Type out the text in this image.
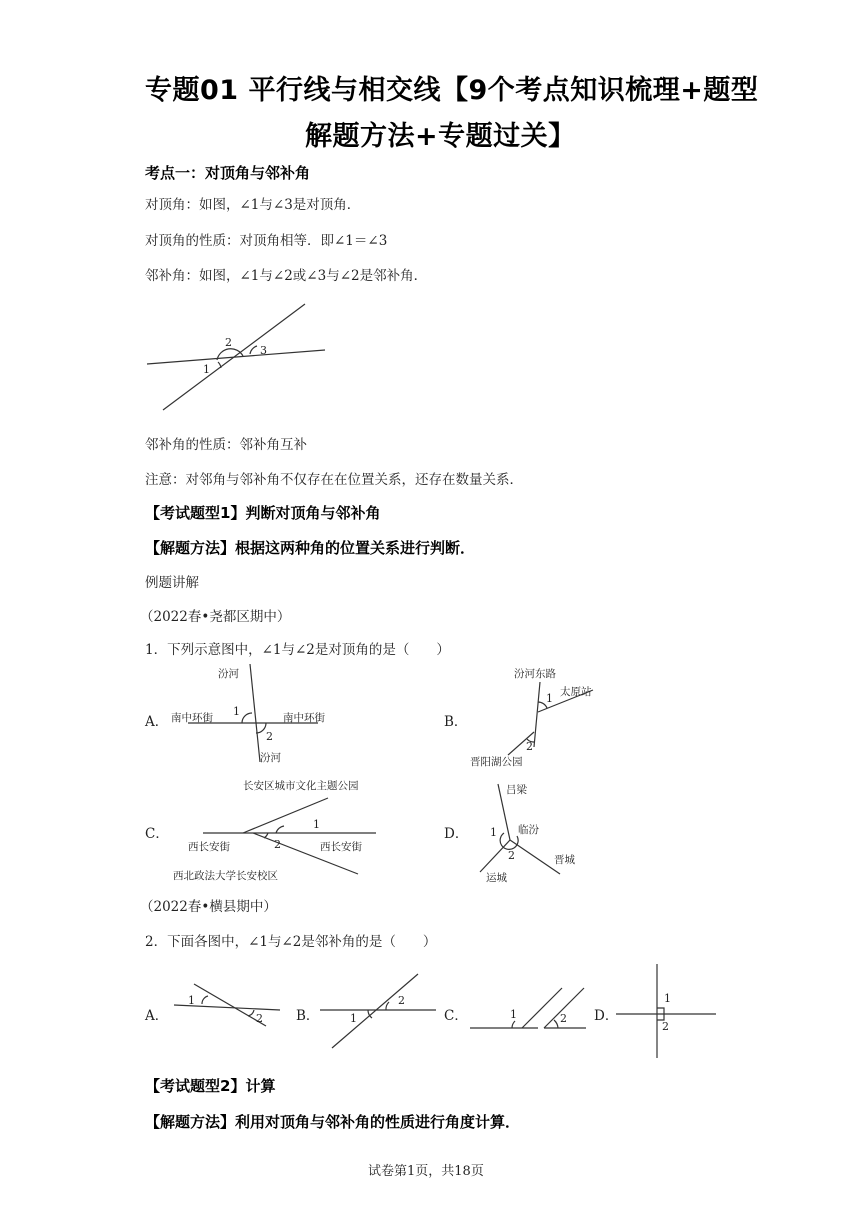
专题01 平行线与相交线【9个考点知识梳理+题型
解题方法+专题过关】
考点一：对顶角与邻补角
对顶角：如图，∠1与∠3是对顶角．
对顶角的性质：对顶角相等．即∠1＝∠3
邻补角：如图，∠1与∠2或∠3与∠2是邻补角．
2
3
1
邻补角的性质：邻补角互补
注意：对邻角与邻补角不仅存在在位置关系，还存在数量关系．
【考试题型1】判断对顶角与邻补角
【解题方法】根据这两种角的位置关系进行判断．
例题讲解
（2022春•尧都区期中）
1．下列示意图中，∠1与∠2是对顶角的是（　　）
A．
汾河
南中环街	南中环街
汾河
1
2
B．
汾河东路
太原站
晋阳湖公园
1
2
C．
长安区城市文化主题公园
西长安街	西长安街
西北政法大学长安校区
1
2
D．
吕梁
临汾
运城
晋城
1
2
（2022春•横县期中）
2．下面各图中，∠1与∠2是邻补角的是（　　）
A．
1
2 B．
2
1	C．	1	2 D．
1
2
【考试题型2】计算
【解题方法】利用对顶角与邻补角的性质进行角度计算．
试卷第1页，共18页
